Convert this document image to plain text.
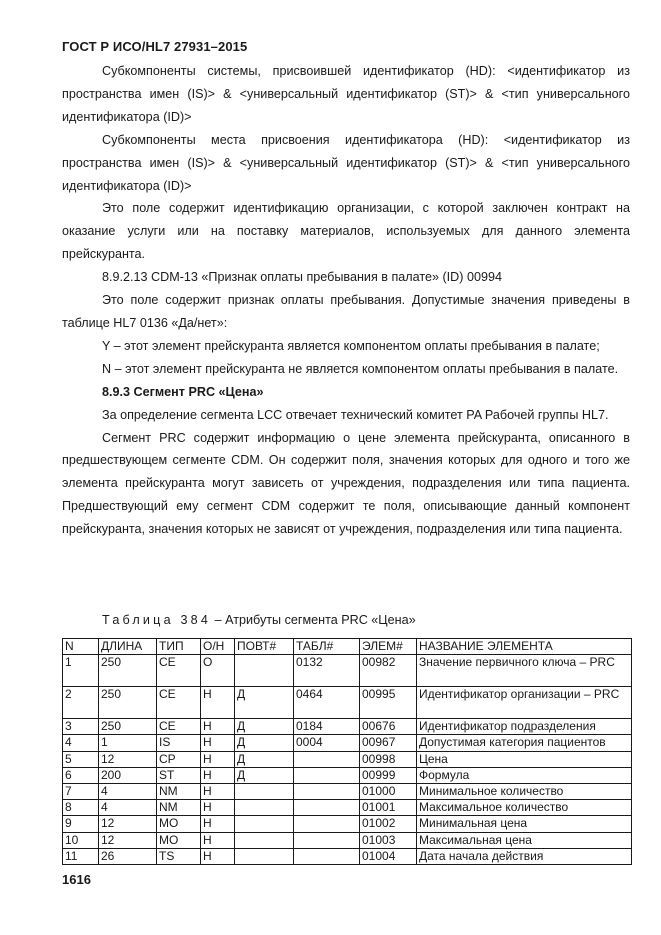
ГОСТ Р ИСО/HL7 27931–2015

Субкомпоненты системы, присвоившей идентификатор (HD): <идентификатор из пространства имен (IS)> & <универсальный идентификатор (ST)> & <тип универсального идентификатора (ID)>

Субкомпоненты места присвоения идентификатора (HD): <идентификатор из пространства имен (IS)> & <универсальный идентификатор (ST)> & <тип универсального идентификатора (ID)>

Это поле содержит идентификацию организации, с которой заключен контракт на оказание услуги или на поставку материалов, используемых для данного элемента прейскуранта.

8.9.2.13 CDM-13 «Признак оплаты пребывания в палате» (ID) 00994

Это поле содержит признак оплаты пребывания. Допустимые значения приведены в таблице HL7 0136 «Да/нет»:

Y – этот элемент прейскуранта является компонентом оплаты пребывания в палате;

N – этот элемент прейскуранта не является компонентом оплаты пребывания в палате.

8.9.3 Сегмент PRC «Цена»

За определение сегмента LCC отвечает технический комитет PA Рабочей группы HL7.

Сегмент PRC содержит информацию о цене элемента прейскуранта, описанного в предшествующем сегменте CDM. Он содержит поля, значения которых для одного и того же элемента прейскуранта могут зависеть от учреждения, подразделения или типа пациента. Предшествующий ему сегмент CDM содержит те поля, описывающие данный компонент прейскуранта, значения которых не зависят от учреждения, подразделения или типа пациента.

Таблица 384 – Атрибуты сегмента PRC «Цена»
N	ДЛИНА	ТИП	О/Н	ПОВТ#	ТАБЛ#	ЭЛЕМ#	НАЗВАНИЕ ЭЛЕМЕНТА
1	250	CE	О		0132	00982	Значение первичного ключа – PRC
2	250	CE	Н	Д	0464	00995	Идентификатор организации – PRC
3	250	CE	Н	Д	0184	00676	Идентификатор подразделения
4	1	IS	Н	Д	0004	00967	Допустимая категория пациентов
5	12	CP	Н	Д		00998	Цена
6	200	ST	Н	Д		00999	Формула
7	4	NM	Н			01000	Минимальное количество
8	4	NM	Н			01001	Максимальное количество
9	12	MO	Н			01002	Минимальная цена
10	12	MO	Н			01003	Максимальная цена
11	26	TS	Н			01004	Дата начала действия
1616
